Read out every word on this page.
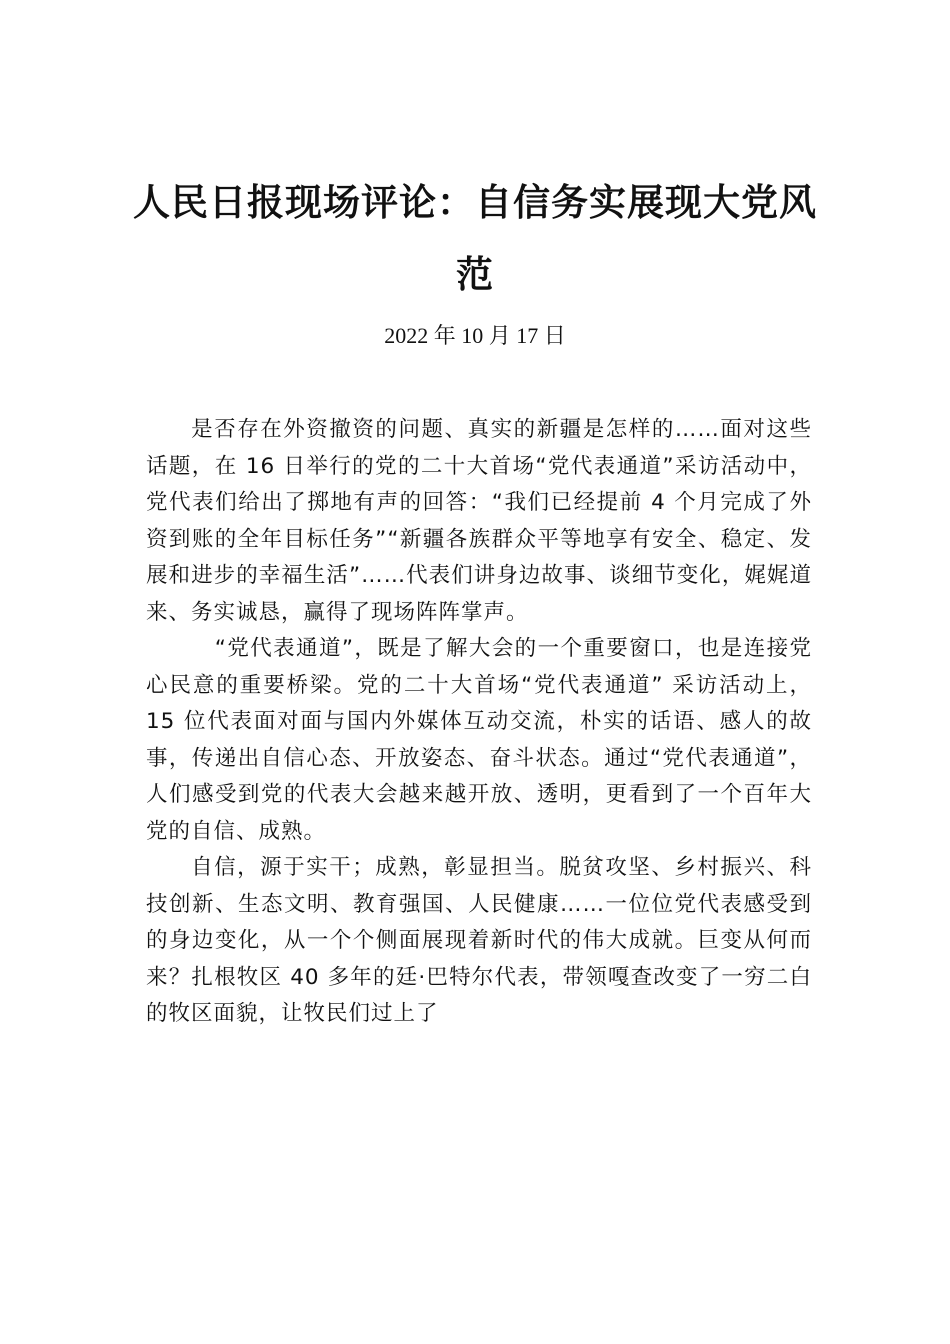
人民日报现场评论：自信务实展现大党风
范

2022 年 10 月 17 日

是否存在外资撤资的问题、真实的新疆是怎样的……面对这些话题，在 16 日举行的党的二十大首场“党代表通道”采访活动中，党代表们给出了掷地有声的回答：“我们已经提前 4 个月完成了外资到账的全年目标任务”“新疆各族群众平等地享有安全、稳定、发展和进步的幸福生活”……代表们讲身边故事、谈细节变化，娓娓道来、务实诚恳，赢得了现场阵阵掌声。

“党代表通道”，既是了解大会的一个重要窗口，也是连接党心民意的重要桥梁。党的二十大首场“党代表通道” 采访活动上，15 位代表面对面与国内外媒体互动交流，朴实的话语、感人的故事，传递出自信心态、开放姿态、奋斗状态。通过“党代表通道”，人们感受到党的代表大会越来越开放、透明，更看到了一个百年大党的自信、成熟。

自信，源于实干；成熟，彰显担当。脱贫攻坚、乡村振兴、科技创新、生态文明、教育强国、人民健康……一位位党代表感受到的身边变化，从一个个侧面展现着新时代的伟大成就。巨变从何而来？扎根牧区 40 多年的廷·巴特尔代表，带领嘎查改变了一穷二白的牧区面貌，让牧民们过上了
